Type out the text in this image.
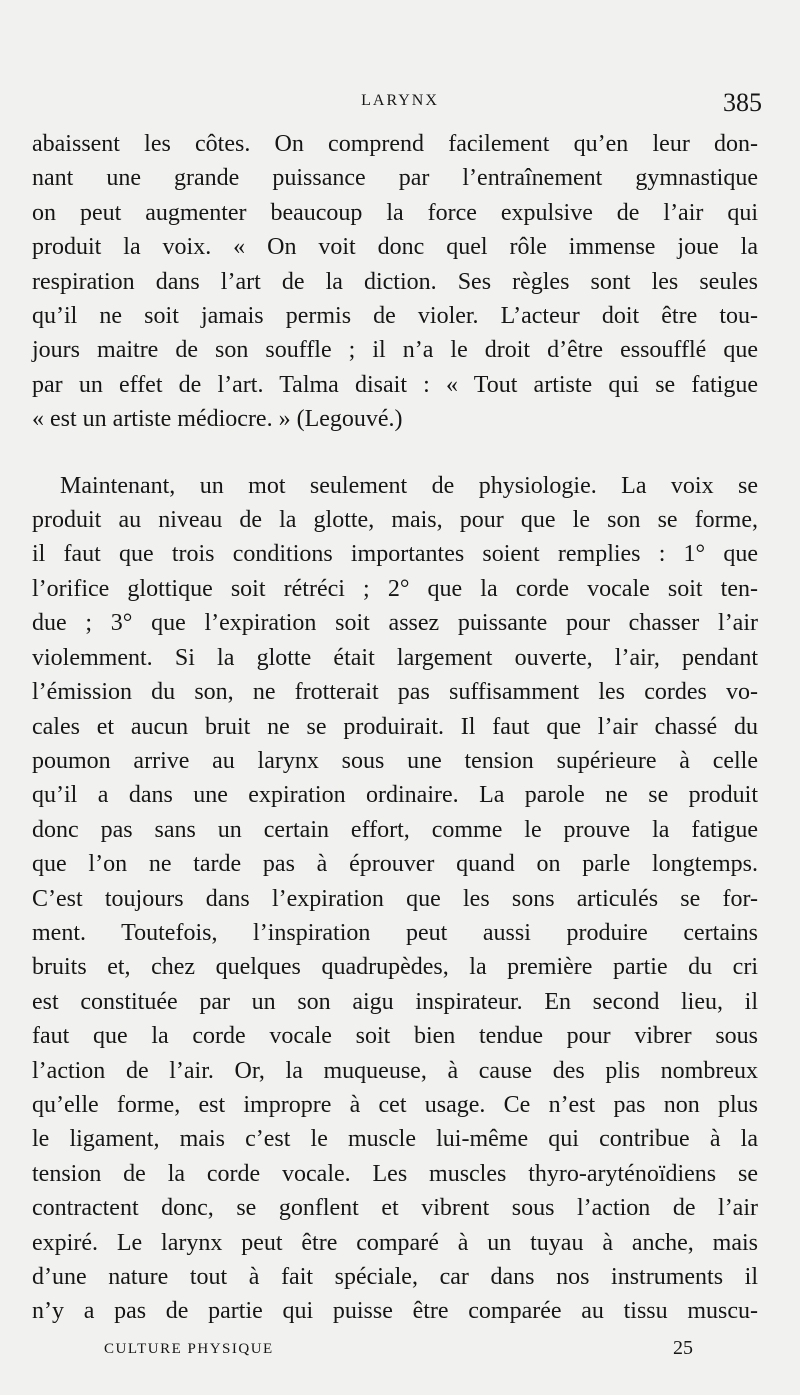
LARYNX	385

abaissent les côtes. On comprend facilement qu’en leur don-

nant une grande puissance par l’entraînement gymnastique

on peut augmenter beaucoup la force expulsive de l’air qui

produit la voix. « On voit donc quel rôle immense joue la

respiration dans l’art de la diction. Ses règles sont les seules

qu’il ne soit jamais permis de violer. L’acteur doit être tou-

jours maitre de son souffle ; il n’a le droit d’être essoufflé que

par un effet de l’art. Talma disait : « Tout artiste qui se fatigue

« est un artiste médiocre. » (Legouvé.)

Maintenant, un mot seulement de physiologie. La voix se

produit au niveau de la glotte, mais, pour que le son se forme,

il faut que trois conditions importantes soient remplies : 1° que

l’orifice glottique soit rétréci ; 2° que la corde vocale soit ten-

due ; 3° que l’expiration soit assez puissante pour chasser l’air

violemment. Si la glotte était largement ouverte, l’air, pendant

l’émission du son, ne frotterait pas suffisamment les cordes vo-

cales et aucun bruit ne se produirait. Il faut que l’air chassé du

poumon arrive au larynx sous une tension supérieure à celle

qu’il a dans une expiration ordinaire. La parole ne se produit

donc pas sans un certain effort, comme le prouve la fatigue

que l’on ne tarde pas à éprouver quand on parle longtemps.

C’est toujours dans l’expiration que les sons articulés se for-

ment. Toutefois, l’inspiration peut aussi produire certains

bruits et, chez quelques quadrupèdes, la première partie du cri

est constituée par un son aigu inspirateur. En second lieu, il

faut que la corde vocale soit bien tendue pour vibrer sous

l’action de l’air. Or, la muqueuse, à cause des plis nombreux

qu’elle forme, est impropre à cet usage. Ce n’est pas non plus

le ligament, mais c’est le muscle lui-même qui contribue à la

tension de la corde vocale. Les muscles thyro-aryténoïdiens se

contractent donc, se gonflent et vibrent sous l’action de l’air

expiré. Le larynx peut être comparé à un tuyau à anche, mais

d’une nature tout à fait spéciale, car dans nos instruments il

n’y a pas de partie qui puisse être comparée au tissu muscu-

CULTURE PHYSIQUE	25
